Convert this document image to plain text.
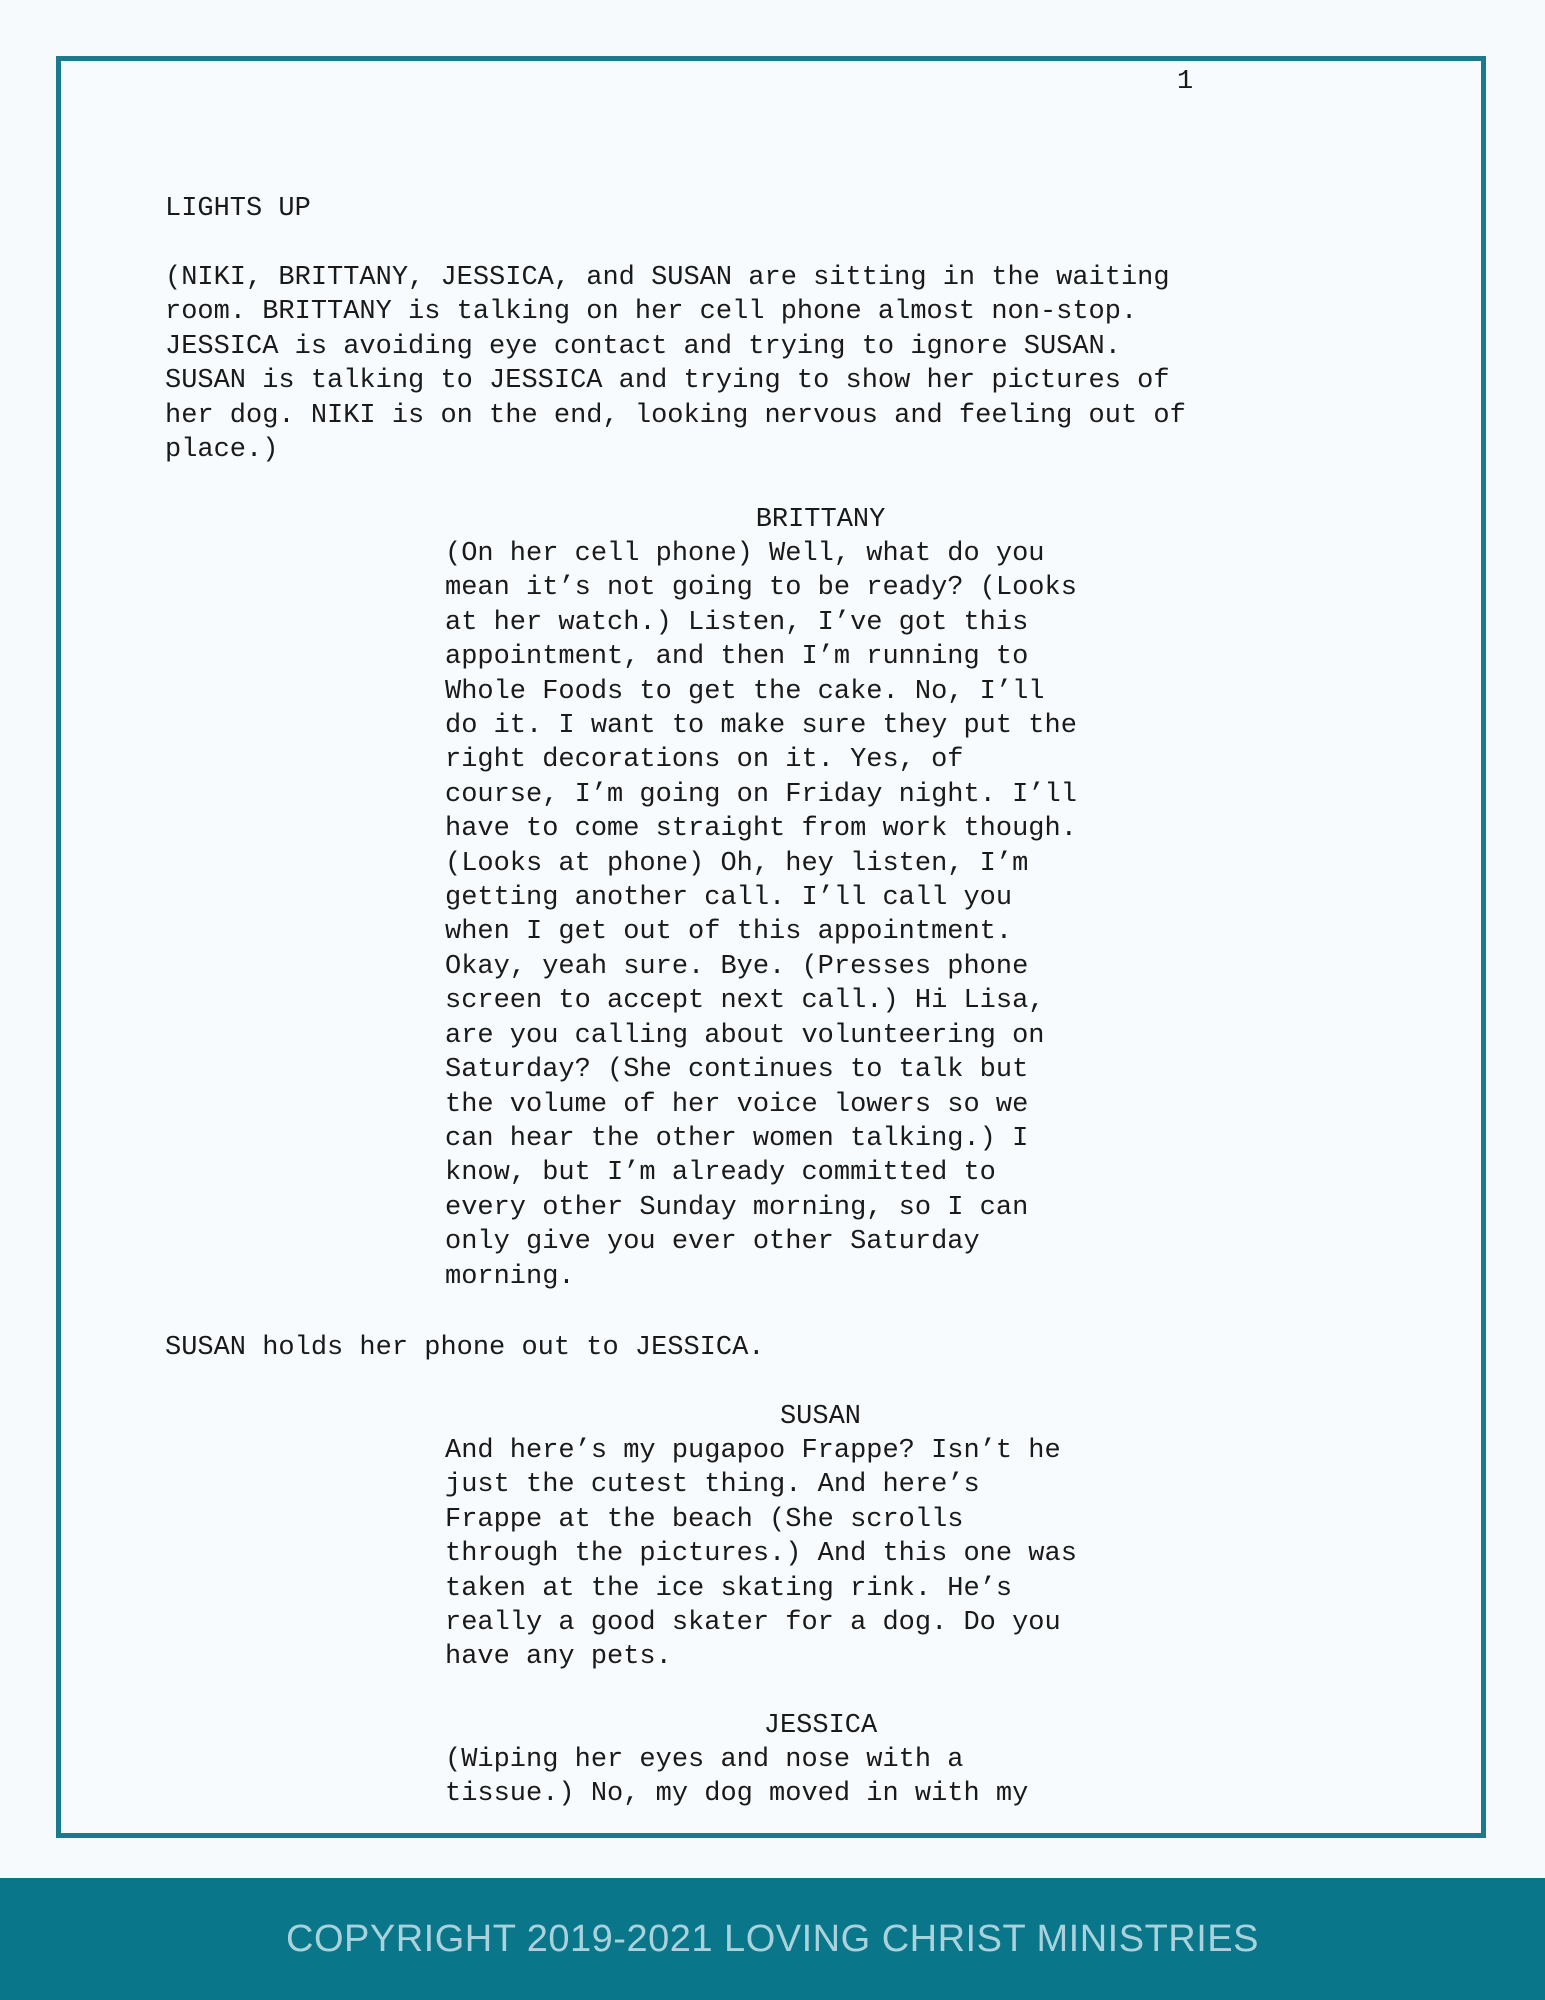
1

LIGHTS UP

(NIKI, BRITTANY, JESSICA, and SUSAN are sitting in the waiting
room. BRITTANY is talking on her cell phone almost non-stop.
JESSICA is avoiding eye contact and trying to ignore SUSAN.
SUSAN is talking to JESSICA and trying to show her pictures of
her dog. NIKI is on the end, looking nervous and feeling out of
place.)

BRITTANY

(On her cell phone) Well, what do you
mean it’s not going to be ready? (Looks
at her watch.) Listen, I’ve got this
appointment, and then I’m running to
Whole Foods to get the cake. No, I’ll
do it. I want to make sure they put the
right decorations on it. Yes, of
course, I’m going on Friday night. I’ll
have to come straight from work though.
(Looks at phone) Oh, hey listen, I’m
getting another call. I’ll call you
when I get out of this appointment.
Okay, yeah sure. Bye. (Presses phone
screen to accept next call.) Hi Lisa,
are you calling about volunteering on
Saturday? (She continues to talk but
the volume of her voice lowers so we
can hear the other women talking.) I
know, but I’m already committed to
every other Sunday morning, so I can
only give you ever other Saturday
morning.

SUSAN holds her phone out to JESSICA.

SUSAN

And here’s my pugapoo Frappe? Isn’t he
just the cutest thing. And here’s
Frappe at the beach (She scrolls
through the pictures.) And this one was
taken at the ice skating rink. He’s
really a good skater for a dog. Do you
have any pets.

JESSICA

(Wiping her eyes and nose with a
tissue.) No, my dog moved in with my

COPYRIGHT 2019-2021 LOVING CHRIST MINISTRIES
